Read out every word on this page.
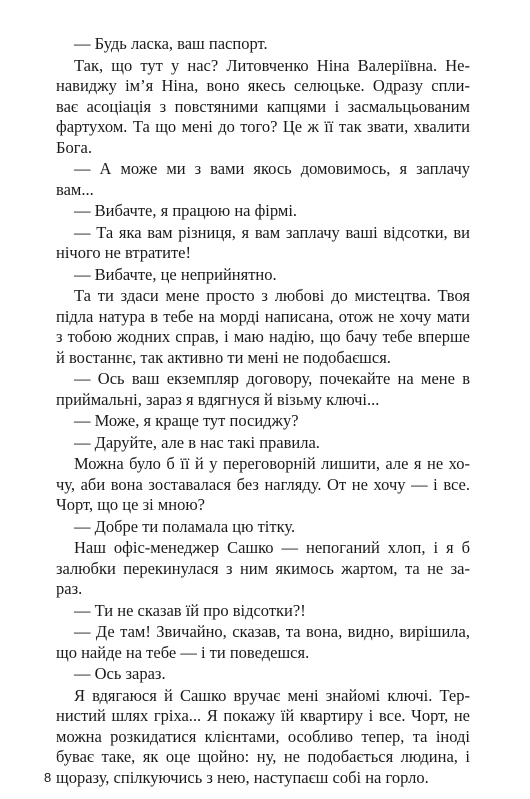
— Будь ласка, ваш паспорт.
Так, що тут у нас? Литовченко Ніна Валеріївна. Не-
навиджу ім’я Ніна, воно якесь селюцьке. Одразу спли-
ває асоціація з повстяними капцями і засмальцьованим
фартухом. Та що мені до того? Це ж її так звати, хвалити
Бога.
— А може ми з вами якось домовимось, я заплачу
вам...
— Вибачте, я працюю на фірмі.
— Та яка вам різниця, я вам заплачу ваші відсотки, ви
нічого не втратите!
— Вибачте, це неприйнятно.
Та ти здаси мене просто з любові до мистецтва. Твоя
підла натура в тебе на морді написана, отож не хочу мати
з тобою жодних справ, і маю надію, що бачу тебе вперше
й востаннє, так активно ти мені не подобаєшся.
— Ось ваш екземпляр договору, почекайте на мене в
приймальні, зараз я вдягнуся й візьму ключі...
— Може, я краще тут посиджу?
— Даруйте, але в нас такі правила.
Можна було б її й у переговорній лишити, але я не хо-
чу, аби вона зоставалася без нагляду. От не хочу — і все.
Чорт, що це зі мною?
— Добре ти поламала цю тітку.
Наш офіс-менеджер Сашко — непоганий хлоп, і я б
залюбки перекинулася з ним якимось жартом, та не за-
раз.
— Ти не сказав їй про відсотки?!
— Де там! Звичайно, сказав, та вона, видно, вирішила,
що найде на тебе — і ти поведешся.
— Ось зараз.
Я вдягаюся й Сашко вручає мені знайомі ключі. Тер-
нистий шлях гріха... Я покажу їй квартиру і все. Чорт, не
можна розкидатися клієнтами, особливо тепер, та іноді
буває таке, як оце щойно: ну, не подобається людина, і
щоразу, спілкуючись з нею, наступаєш собі на горло.
8
